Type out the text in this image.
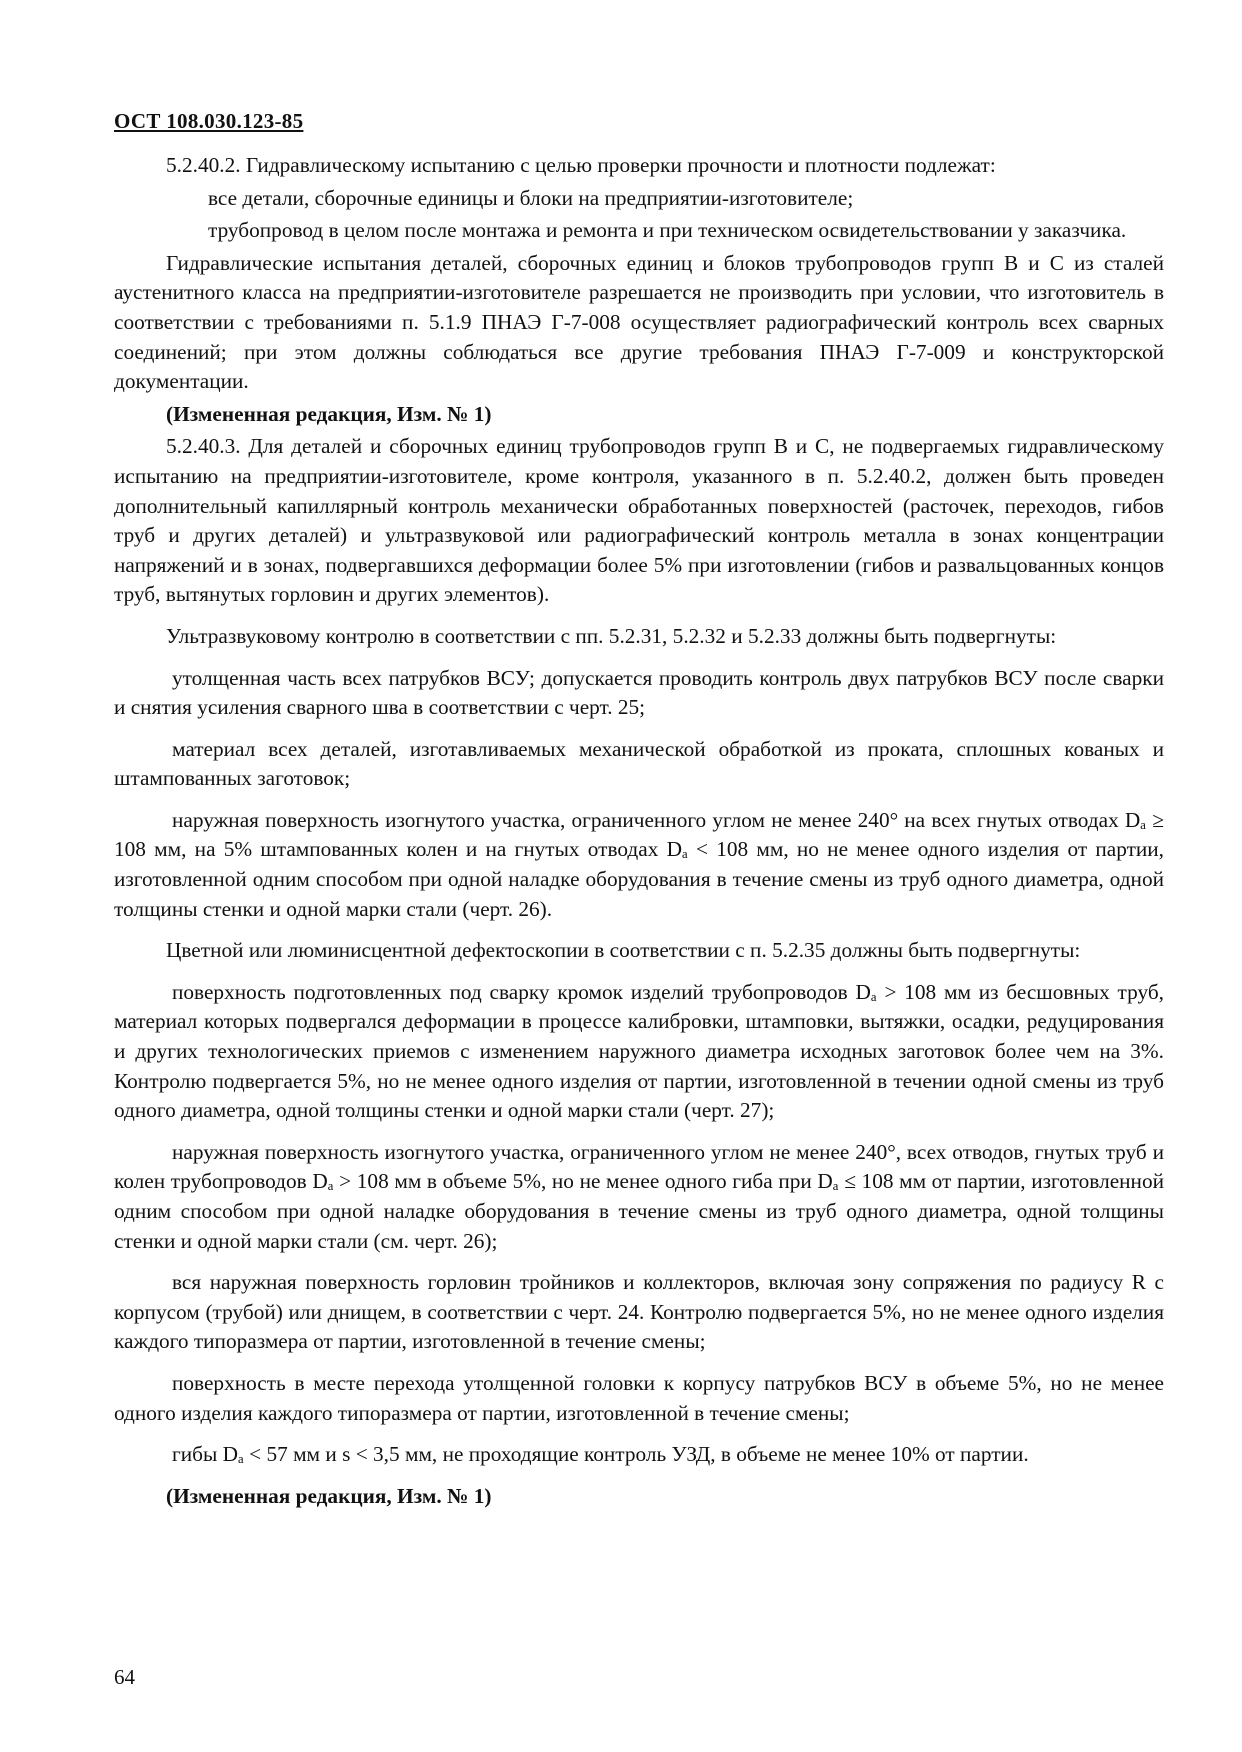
ОСТ 108.030.123-85

5.2.40.2. Гидравлическому испытанию с целью проверки прочности и плотности подлежат:

все детали, сборочные единицы и блоки на предприятии-изготовителе;

трубопровод в целом после монтажа и ремонта и при техническом освидетельствовании у заказчика.

Гидравлические испытания деталей, сборочных единиц и блоков трубопроводов групп В и С из сталей аустенитного класса на предприятии-изготовителе разрешается не производить при условии, что изготовитель в соответствии с требованиями п. 5.1.9 ПНАЭ Г-7-008 осуществляет радиографический контроль всех сварных соединений; при этом должны соблюдаться все другие требования ПНАЭ Г-7-009 и конструкторской документации.

(Измененная редакция, Изм. № 1)

5.2.40.3. Для деталей и сборочных единиц трубопроводов групп В и С, не подвергаемых гидравлическому испытанию на предприятии-изготовителе, кроме контроля, указанного в п. 5.2.40.2, должен быть проведен дополнительный капиллярный контроль механически обработанных поверхностей (расточек, переходов, гибов труб и других деталей) и ультразвуковой или радиографический контроль металла в зонах концентрации напряжений и в зонах, подвергавшихся деформации более 5% при изготовлении (гибов и развальцованных концов труб, вытянутых горловин и других элементов).

Ультразвуковому контролю в соответствии с пп. 5.2.31, 5.2.32 и 5.2.33 должны быть подвергнуты:

утолщенная часть всех патрубков ВСУ; допускается проводить контроль двух патрубков ВСУ после сварки и снятия усиления сварного шва в соответствии с черт. 25;

материал всех деталей, изготавливаемых механической обработкой из проката, сплошных кованых и штампованных заготовок;

наружная поверхность изогнутого участка, ограниченного углом не менее 240° на всех гнутых отводах Dₐ ≥ 108 мм, на 5% штампованных колен и на гнутых отводах Dₐ < 108 мм, но не менее одного изделия от партии, изготовленной одним способом при одной наладке оборудования в течение смены из труб одного диаметра, одной толщины стенки и одной марки стали (черт. 26).

Цветной или люминисцентной дефектоскопии в соответствии с п. 5.2.35 должны быть подвергнуты:

поверхность подготовленных под сварку кромок изделий трубопроводов Dₐ > 108 мм из бесшовных труб, материал которых подвергался деформации в процессе калибровки, штамповки, вытяжки, осадки, редуцирования и других технологических приемов с изменением наружного диаметра исходных заготовок более чем на 3%. Контролю подвергается 5%, но не менее одного изделия от партии, изготовленной в течении одной смены из труб одного диаметра, одной толщины стенки и одной марки стали (черт. 27);

наружная поверхность изогнутого участка, ограниченного углом не менее 240°, всех отводов, гнутых труб и колен трубопроводов Dₐ > 108 мм в объеме 5%, но не менее одного гиба при Dₐ ≤ 108 мм от партии, изготовленной одним способом при одной наладке оборудования в течение смены из труб одного диаметра, одной толщины стенки и одной марки стали (см. черт. 26);

вся наружная поверхность горловин тройников и коллекторов, включая зону сопряжения по радиусу R с корпусом (трубой) или днищем, в соответствии с черт. 24. Контролю подвергается 5%, но не менее одного изделия каждого типоразмера от партии, изготовленной в течение смены;

поверхность в месте перехода утолщенной головки к корпусу патрубков ВСУ в объеме 5%, но не менее одного изделия каждого типоразмера от партии, изготовленной в течение смены;

гибы Dₐ < 57 мм и s < 3,5 мм, не проходящие контроль УЗД, в объеме не менее 10% от партии.

(Измененная редакция, Изм. № 1)

64
